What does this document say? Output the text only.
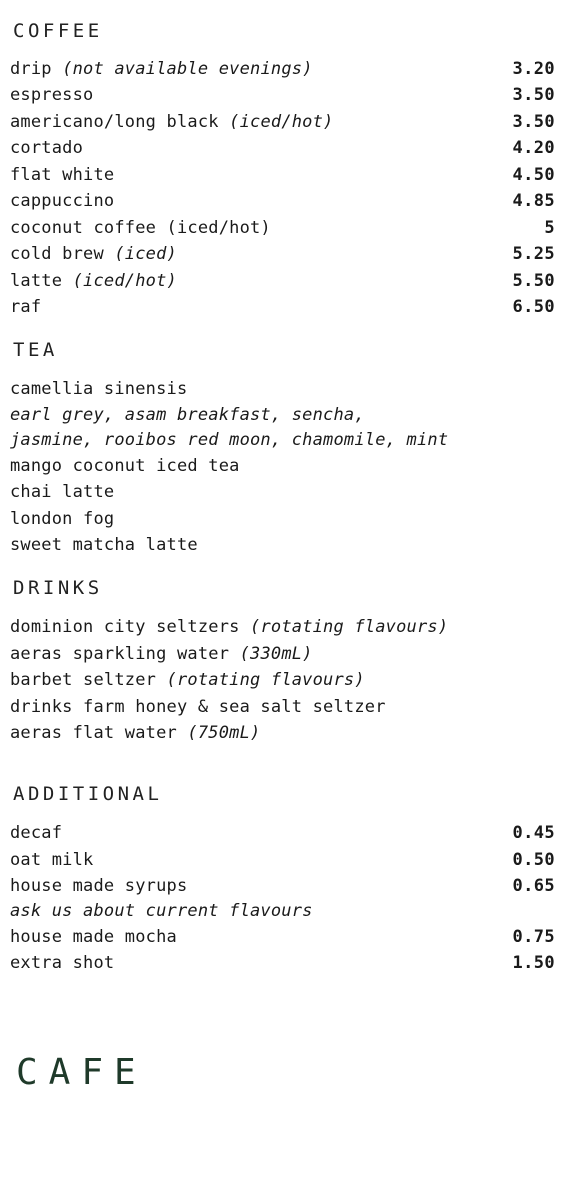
COFFEE
drip (not available evenings)	3.20
espresso	3.50
americano/long black (iced/hot)	3.50
cortado	4.20
flat white	4.50
cappuccino	4.85
coconut coffee (iced/hot)	5
cold brew (iced)	5.25
latte (iced/hot)	5.50
raf	6.50
TEA
camellia sinensis
earl grey, asam breakfast, sencha,
jasmine, rooibos red moon, chamomile, mint
mango coconut iced tea
chai latte
london fog
sweet matcha latte
DRINKS
dominion city seltzers (rotating flavours)
aeras sparkling water (330mL)
barbet seltzer (rotating flavours)
drinks farm honey & sea salt seltzer
aeras flat water (750mL)
ADDITIONAL
decaf	0.45
oat milk	0.50
house made syrups	0.65
ask us about current flavours
house made mocha	0.75
extra shot	1.50
CAFE
